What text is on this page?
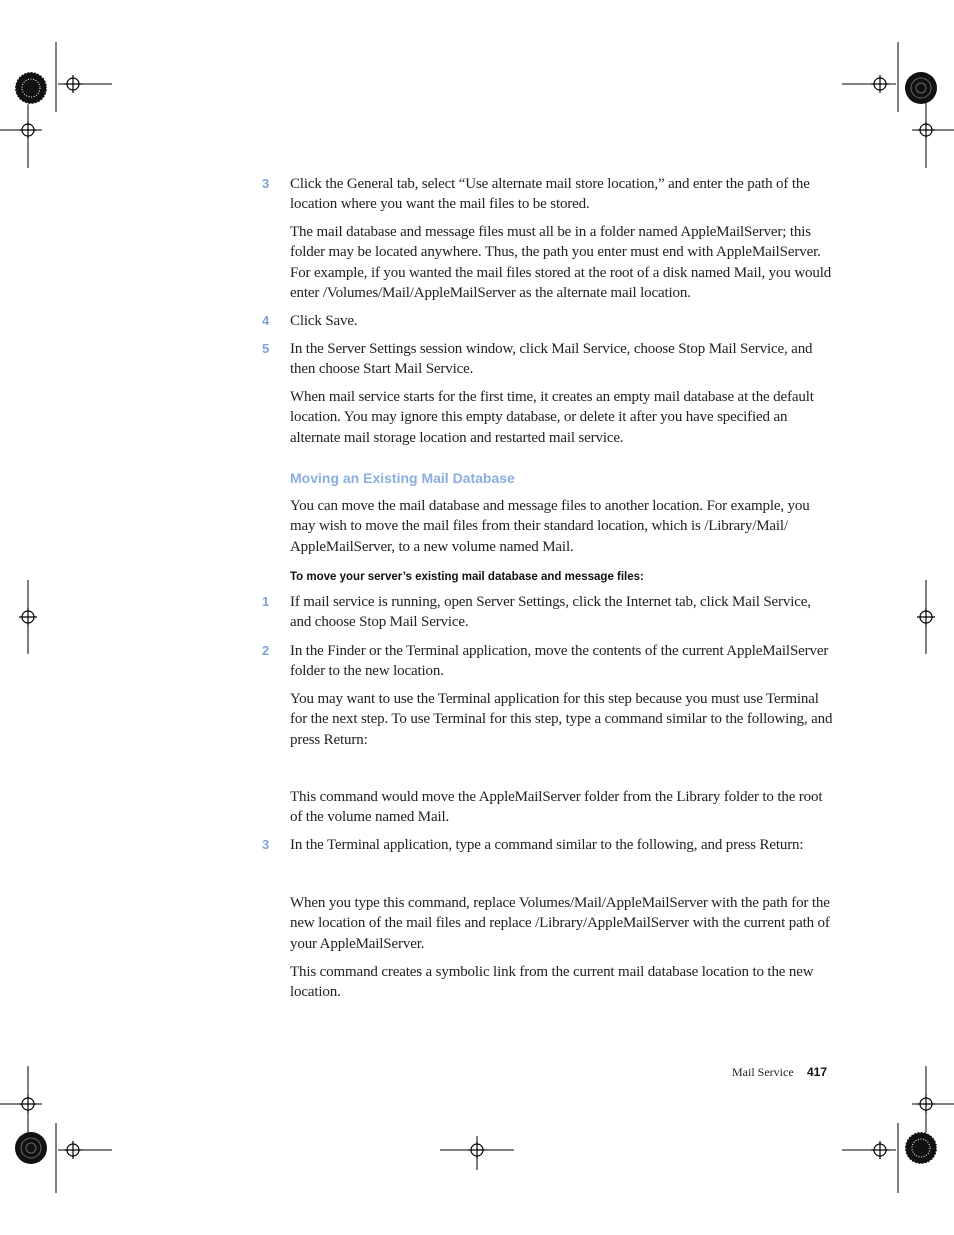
3	Click the General tab, select “Use alternate mail store location,” and enter the path of the location where you want the mail files to be stored.
The mail database and message files must all be in a folder named AppleMailServer; this folder may be located anywhere. Thus, the path you enter must end with AppleMailServer. For example, if you wanted the mail files stored at the root of a disk named Mail, you would enter /Volumes/Mail/AppleMailServer as the alternate mail location.
4	Click Save.
5	In the Server Settings session window, click Mail Service, choose Stop Mail Service, and then choose Start Mail Service.
When mail service starts for the first time, it creates an empty mail database at the default location. You may ignore this empty database, or delete it after you have specified an alternate mail storage location and restarted mail service.
Moving an Existing Mail Database
You can move the mail database and message files to another location. For example, you may wish to move the mail files from their standard location, which is /Library/Mail/ AppleMailServer, to a new volume named Mail.
To move your server’s existing mail database and message files:
1	If mail service is running, open Server Settings, click the Internet tab, click Mail Service, and choose Stop Mail Service.
2	In the Finder or the Terminal application, move the contents of the current AppleMailServer folder to the new location.
You may want to use the Terminal application for this step because you must use Terminal for the next step. To use Terminal for this step, type a command similar to the following, and press Return:
This command would move the AppleMailServer folder from the Library folder to the root of the volume named Mail.
3	In the Terminal application, type a command similar to the following, and press Return:
When you type this command, replace Volumes/Mail/AppleMailServer with the path for the new location of the mail files and replace /Library/AppleMailServer with the current path of your AppleMailServer.
This command creates a symbolic link from the current mail database location to the new location.
Mail Service 417
